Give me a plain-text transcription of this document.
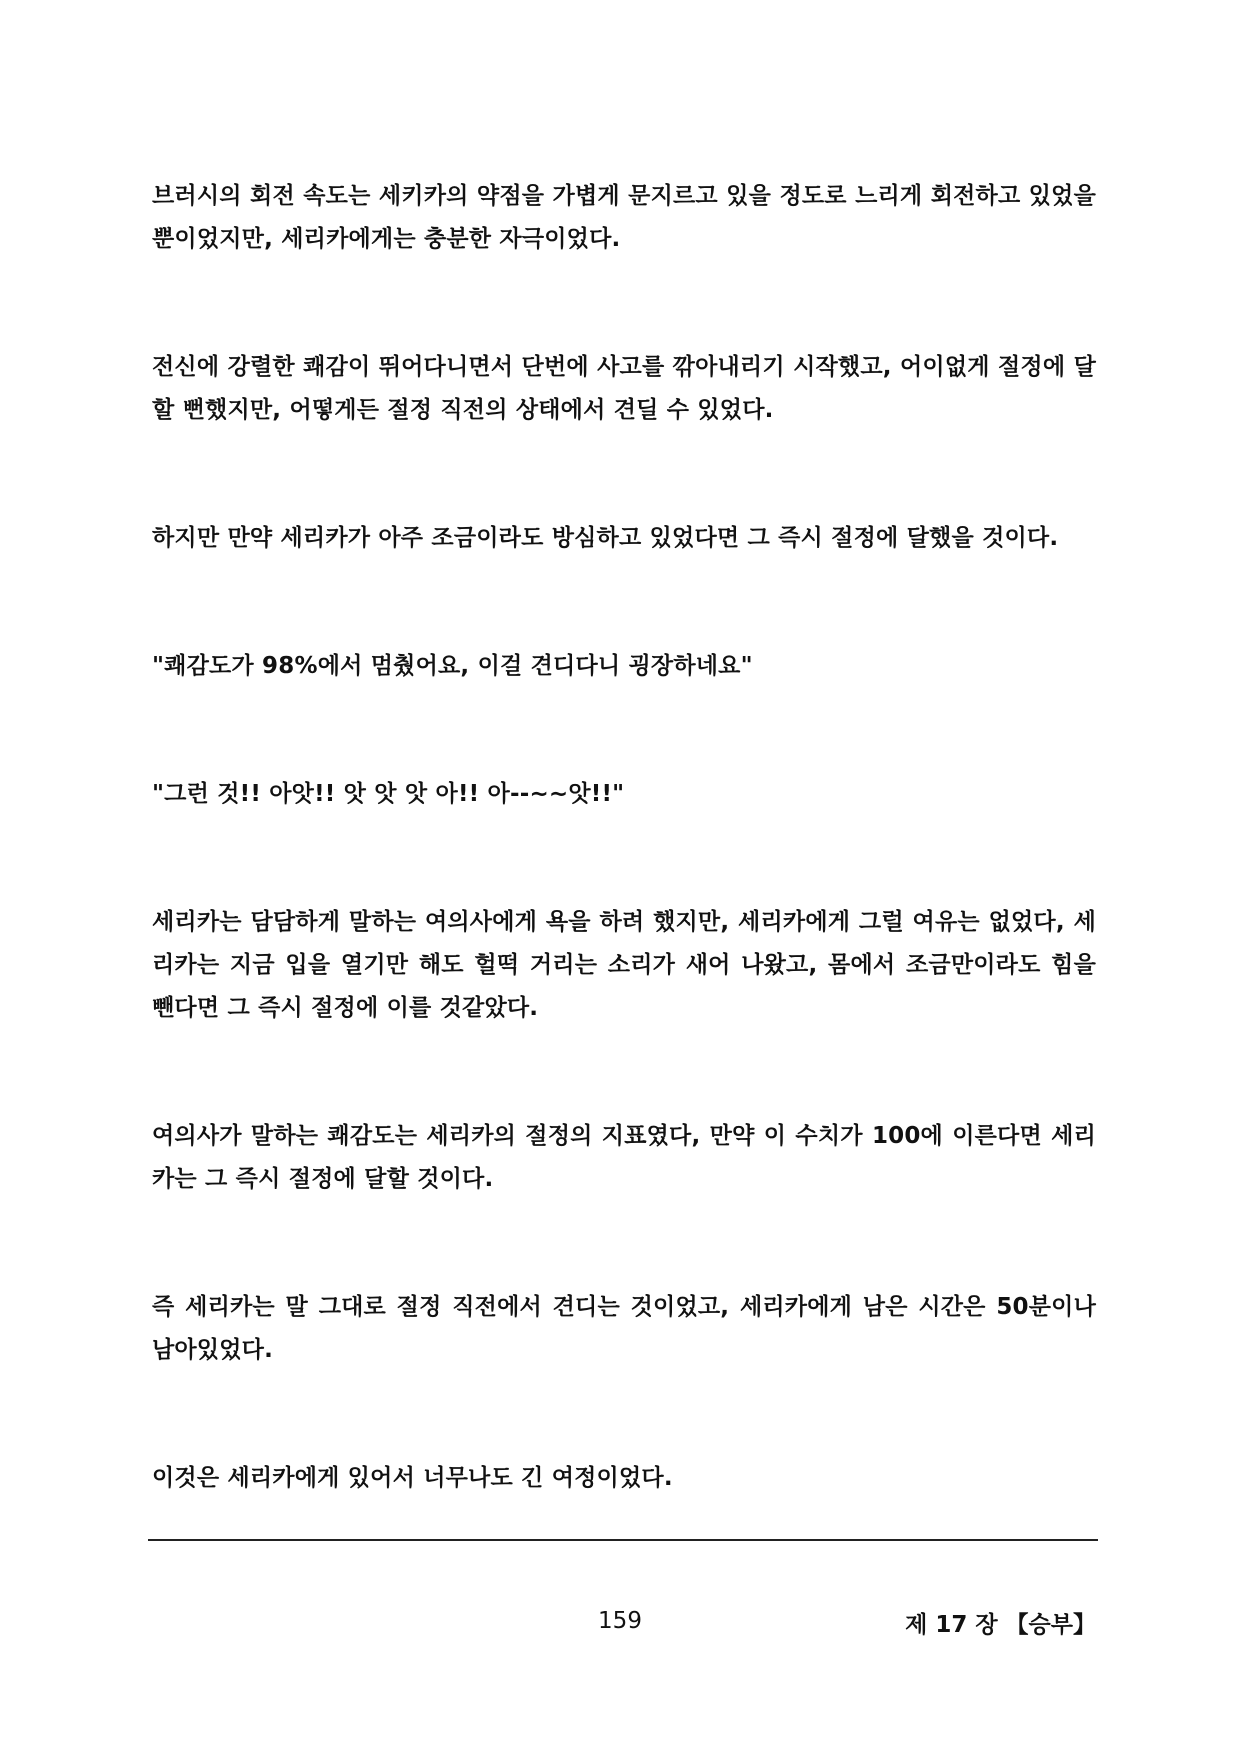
브러시의 회전 속도는 세키카의 약점을 가볍게 문지르고 있을 정도로 느리게 회전하고 있었을 뿐이었지만, 세리카에게는 충분한 자극이었다.

전신에 강렬한 쾌감이 뛰어다니면서 단번에 사고를 깎아내리기 시작했고, 어이없게 절정에 달할 뻔했지만, 어떻게든 절정 직전의 상태에서 견딜 수 있었다.

하지만 만약 세리카가 아주 조금이라도 방심하고 있었다면 그 즉시 절정에 달했을 것이다.

"쾌감도가 98%에서 멈췄어요, 이걸 견디다니 굉장하네요"

"그런 것!! 아앗!! 앗 앗 앗 아!! 아--~~앗!!"

세리카는 담담하게 말하는 여의사에게 욕을 하려 했지만, 세리카에게 그럴 여유는 없었다, 세리카는 지금 입을 열기만 해도 헐떡 거리는 소리가 새어 나왔고, 몸에서 조금만이라도 힘을 뺀다면 그 즉시 절정에 이를 것같았다.

여의사가 말하는 쾌감도는 세리카의 절정의 지표였다, 만약 이 수치가 100에 이른다면 세리카는 그 즉시 절정에 달할 것이다.

즉 세리카는 말 그대로 절정 직전에서 견디는 것이었고, 세리카에게 남은 시간은 50분이나 남아있었다.

이것은 세리카에게 있어서 너무나도 긴 여정이었다.

159	제 17 장 【승부】
